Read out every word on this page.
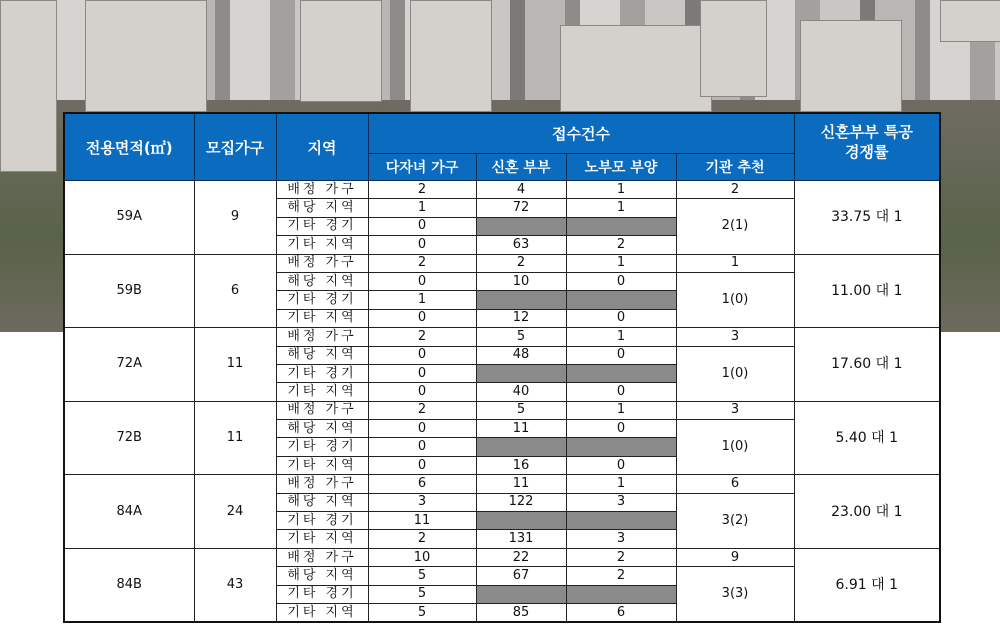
전용면적(㎡)	모집가구	지역	접수건수				신혼부부 특공 경쟁률
			다자녀 가구	신혼 부부	노부모 부양	기관 추천	
59A	9	배정 가구	2	4	1	2	33.75 대 1
		해당 지역	1	72	1	2(1)	
		기타 경기	0				
		기타 지역	0	63	2		
59B	6	배정 가구	2	2	1	1	11.00 대 1
		해당 지역	0	10	0	1(0)	
		기타 경기	1				
		기타 지역	0	12	0		
72A	11	배정 가구	2	5	1	3	17.60 대 1
		해당 지역	0	48	0	1(0)	
		기타 경기	0				
		기타 지역	0	40	0		
72B	11	배정 가구	2	5	1	3	5.40 대 1
		해당 지역	0	11	0	1(0)	
		기타 경기	0				
		기타 지역	0	16	0		
84A	24	배정 가구	6	11	1	6	23.00 대 1
		해당 지역	3	122	3	3(2)	
		기타 경기	11				
		기타 지역	2	131	3		
84B	43	배정 가구	10	22	2	9	6.91 대 1
		해당 지역	5	67	2	3(3)	
		기타 경기	5				
		기타 지역	5	85	6		
